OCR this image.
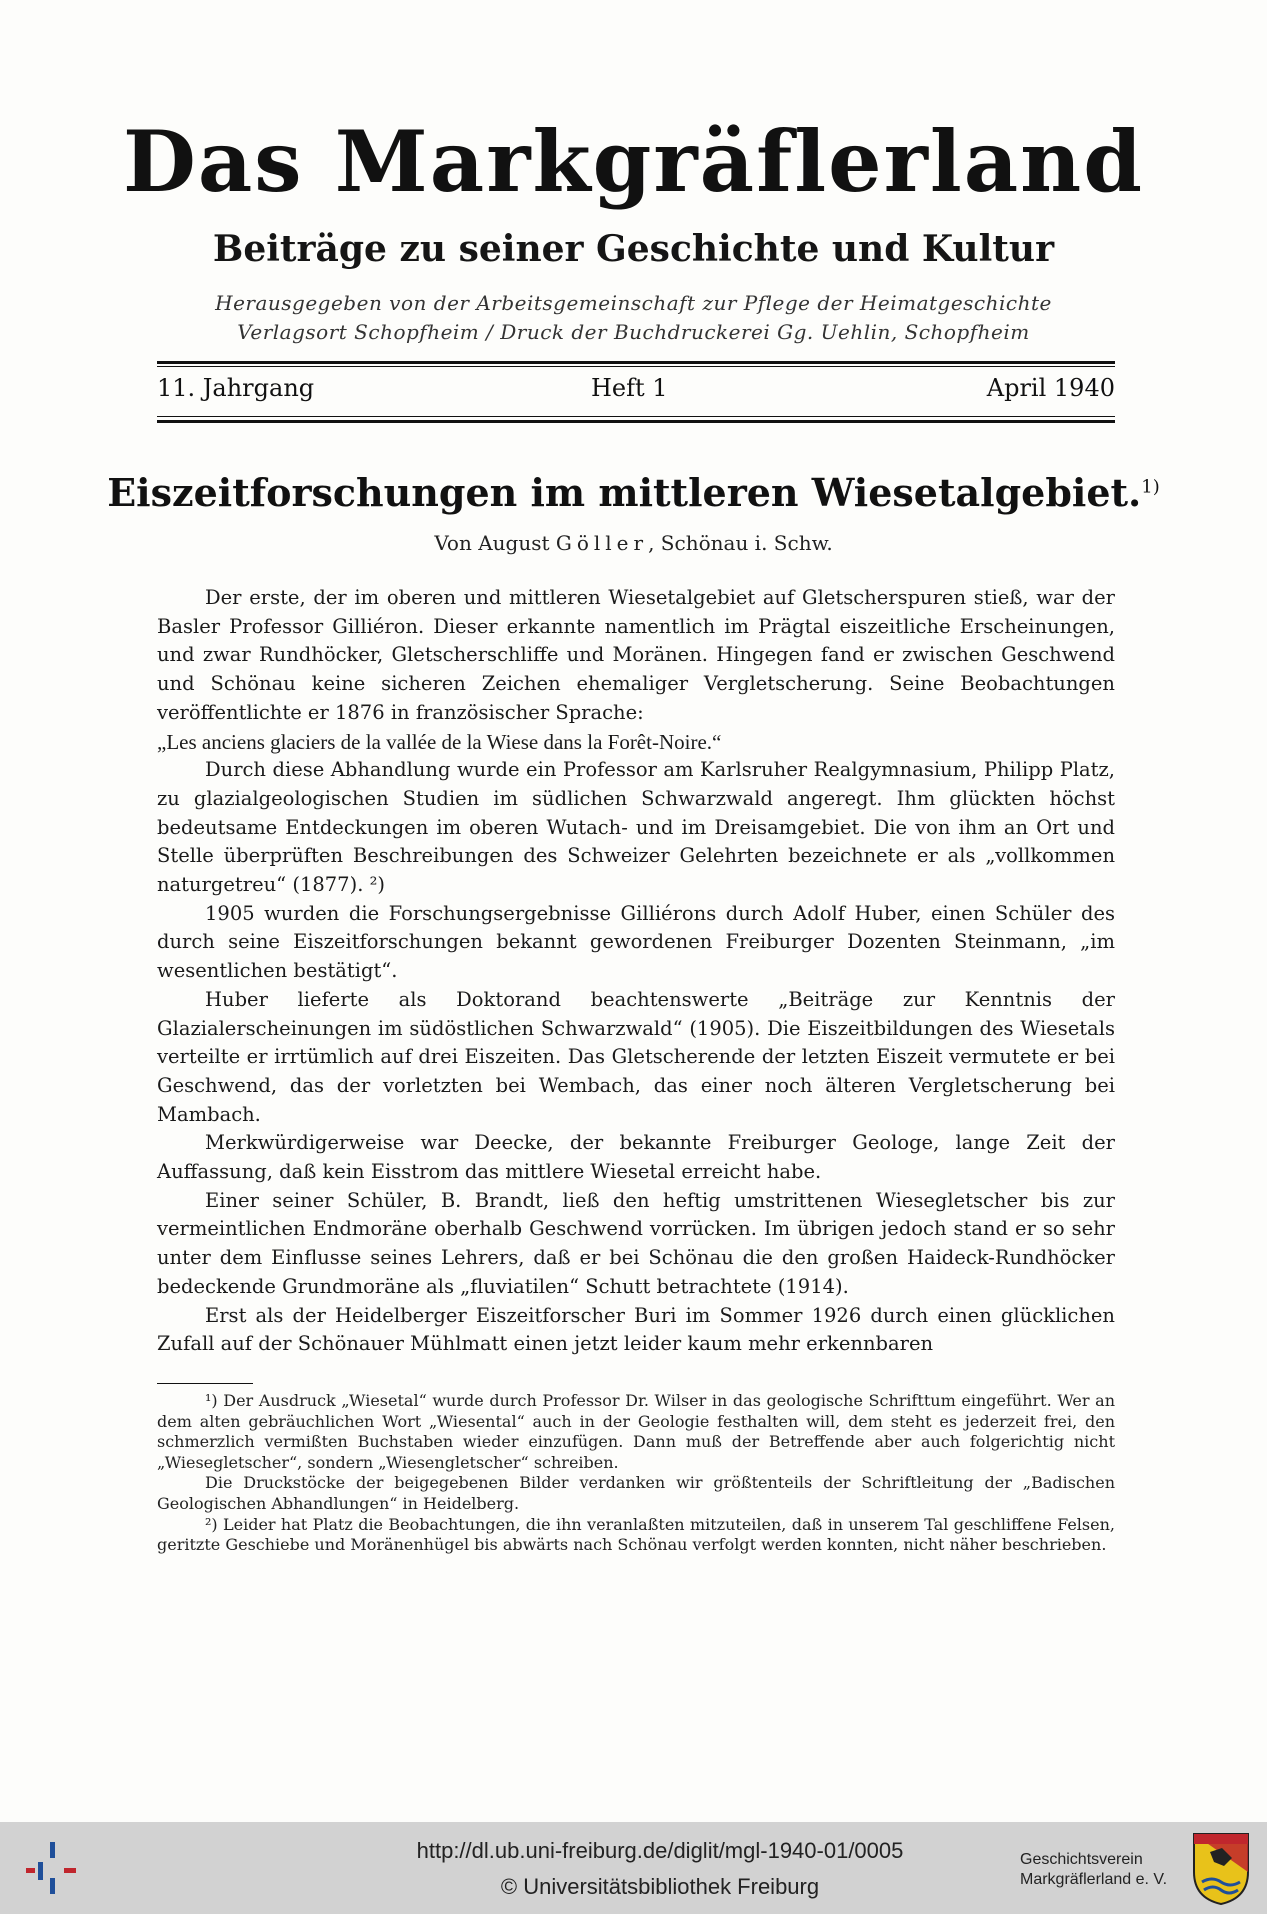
Das Markgräflerland
Beiträge zu seiner Geschichte und Kultur
Herausgegeben von der Arbeitsgemeinschaft zur Pflege der Heimatgeschichte
Verlagsort Schopfheim / Druck der Buchdruckerei Gg. Uehlin, Schopfheim
11. Jahrgang	Heft 1	April 1940
Eiszeitforschungen im mittleren Wiesetalgebiet.$^{1)}$
Von August Göller, Schönau i. Schw.

Der erste, der im oberen und mittleren Wiesetalgebiet auf Gletscherspuren stieß, war der Basler Professor Gilliéron. Dieser erkannte namentlich im Prägtal eiszeitliche Erscheinungen, und zwar Rundhöcker, Gletscherschliffe und Moränen. Hingegen fand er zwischen Geschwend und Schönau keine sicheren Zeichen ehemaliger Vergletscherung. Seine Beobachtungen veröffentlichte er 1876 in französischer Sprache:

„Les anciens glaciers de la vallée de la Wiese dans la Forêt-Noire.“

Durch diese Abhandlung wurde ein Professor am Karlsruher Realgymnasium, Philipp Platz, zu glazialgeologischen Studien im südlichen Schwarzwald angeregt. Ihm glückten höchst bedeutsame Entdeckungen im oberen Wutach- und im Dreisamgebiet. Die von ihm an Ort und Stelle überprüften Beschreibungen des Schweizer Gelehrten bezeichnete er als „vollkommen naturgetreu“ (1877). ²)

1905 wurden die Forschungsergebnisse Gilliérons durch Adolf Huber, einen Schüler des durch seine Eiszeitforschungen bekannt gewordenen Freiburger Dozenten Steinmann, „im wesentlichen bestätigt“.

Huber lieferte als Doktorand beachtenswerte „Beiträge zur Kenntnis der Glazialerscheinungen im südöstlichen Schwarzwald“ (1905). Die Eiszeitbildungen des Wiesetals verteilte er irrtümlich auf drei Eiszeiten. Das Gletscherende der letzten Eiszeit vermutete er bei Geschwend, das der vorletzten bei Wembach, das einer noch älteren Vergletscherung bei Mambach.

Merkwürdigerweise war Deecke, der bekannte Freiburger Geologe, lange Zeit der Auffassung, daß kein Eisstrom das mittlere Wiesetal erreicht habe.

Einer seiner Schüler, B. Brandt, ließ den heftig umstrittenen Wiesegletscher bis zur vermeintlichen Endmoräne oberhalb Geschwend vorrücken. Im übrigen jedoch stand er so sehr unter dem Einflusse seines Lehrers, daß er bei Schönau die den großen Haideck-Rundhöcker bedeckende Grundmoräne als „fluviatilen“ Schutt betrachtete (1914).

Erst als der Heidelberger Eiszeitforscher Buri im Sommer 1926 durch einen glücklichen Zufall auf der Schönauer Mühlmatt einen jetzt leider kaum mehr erkennbaren

¹) Der Ausdruck „Wiesetal“ wurde durch Professor Dr. Wilser in das geologische Schrifttum eingeführt. Wer an dem alten gebräuchlichen Wort „Wiesental“ auch in der Geologie festhalten will, dem steht es jederzeit frei, den schmerzlich vermißten Buchstaben wieder einzufügen. Dann muß der Betreffende aber auch folgerichtig nicht „Wiesegletscher“, sondern „Wiesengletscher“ schreiben.

Die Druckstöcke der beigegebenen Bilder verdanken wir größtenteils der Schriftleitung der „Badischen Geologischen Abhandlungen“ in Heidelberg.

²) Leider hat Platz die Beobachtungen, die ihn veranlaßten mitzuteilen, daß in unserem Tal geschliffene Felsen, geritzte Geschiebe und Moränenhügel bis abwärts nach Schönau verfolgt werden konnten, nicht näher beschrieben.

http://dl.ub.uni-freiburg.de/diglit/mgl-1940-01/0005
© Universitätsbibliothek Freiburg
Geschichtsverein
Markgräflerland e. V.
